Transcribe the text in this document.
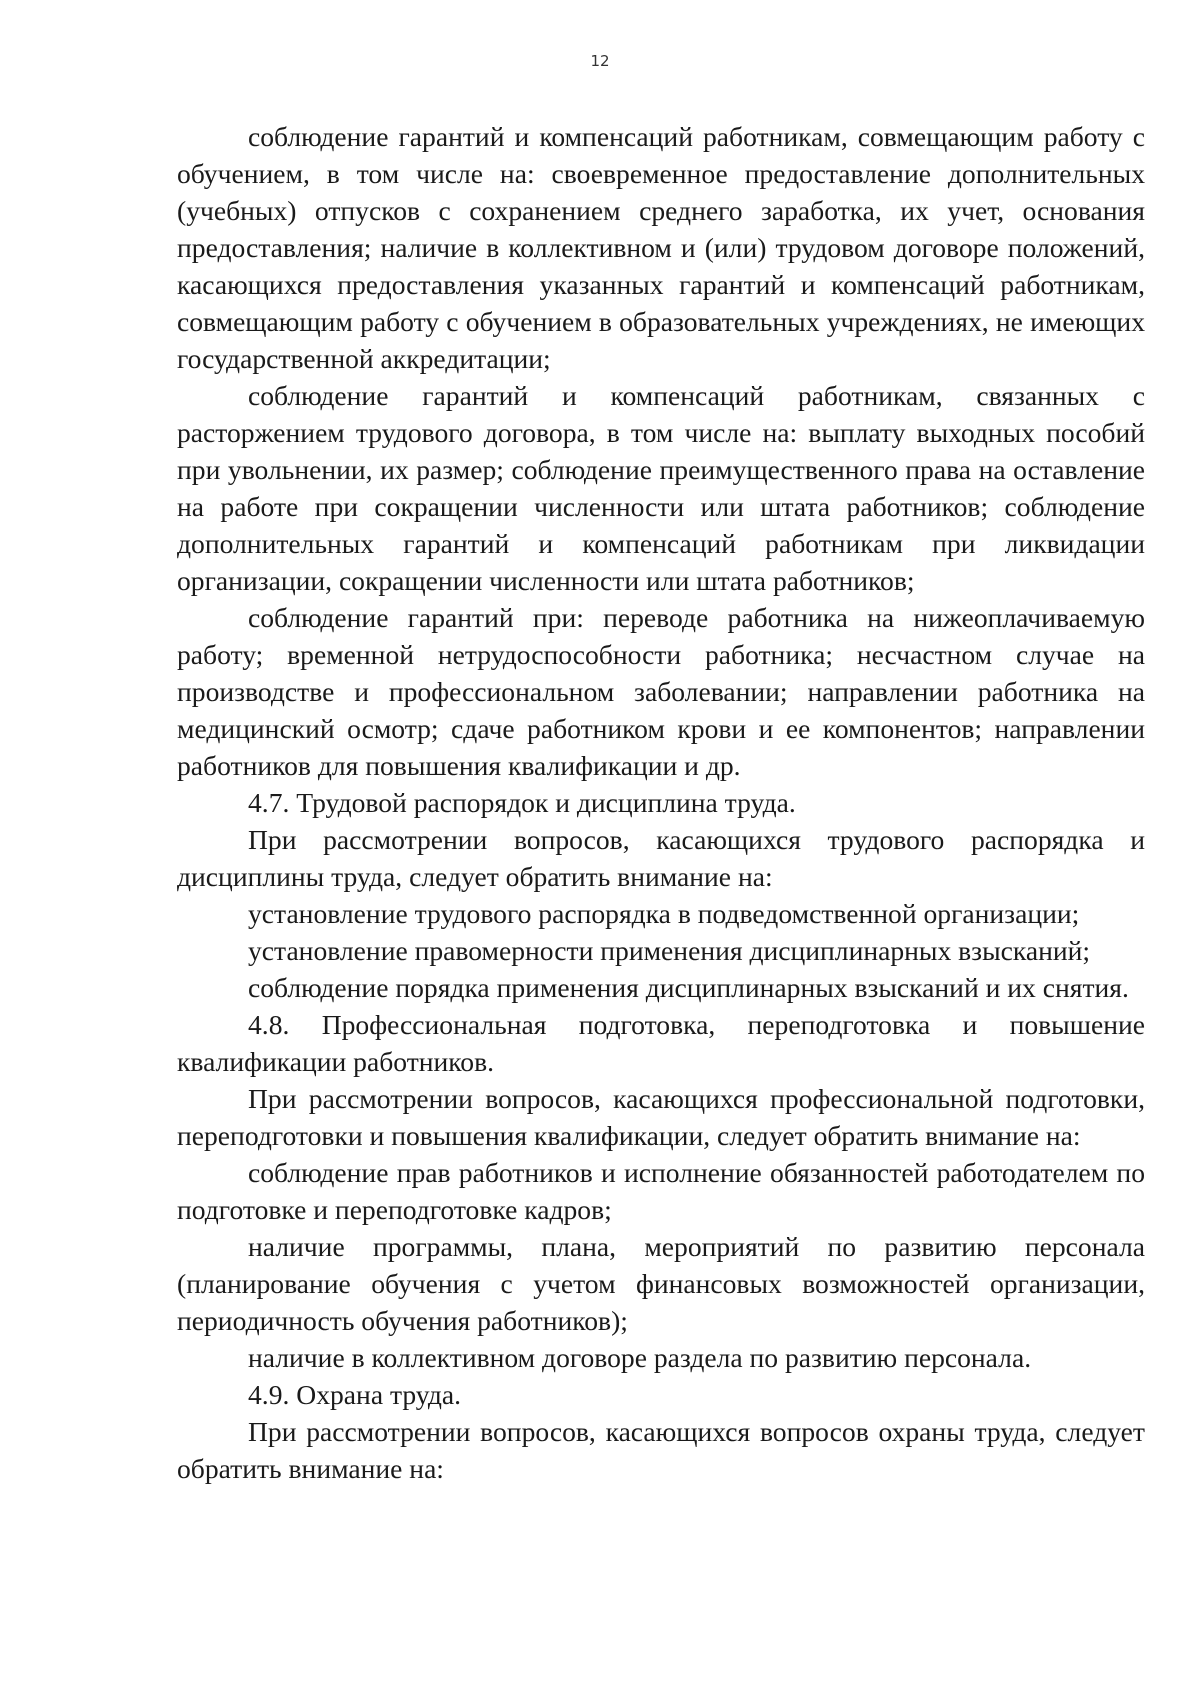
12

соблюдение гарантий и компенсаций работникам, совмещающим работу с обучением, в том числе на: своевременное предоставление дополнительных (учебных) отпусков с сохранением среднего заработка, их учет, основания предоставления; наличие в коллективном и (или) трудовом договоре положений, касающихся предоставления указанных гарантий и компенсаций работникам, совмещающим работу с обучением в образовательных учреждениях, не имеющих государственной аккредитации;

соблюдение гарантий и компенсаций работникам, связанных с расторжением трудового договора, в том числе на: выплату выходных пособий при увольнении, их размер; соблюдение преимущественного права на оставление на работе при сокращении численности или штата работников; соблюдение дополнительных гарантий и компенсаций работникам при ликвидации организации, сокращении численности или штата работников;

соблюдение гарантий при: переводе работника на нижеоплачиваемую работу; временной нетрудоспособности работника; несчастном случае на производстве и профессиональном заболевании; направлении работника на медицинский осмотр; сдаче работником крови и ее компонентов; направлении работников для повышения квалификации и др.

4.7. Трудовой распорядок и дисциплина труда.

При рассмотрении вопросов, касающихся трудового распорядка и дисциплины труда, следует обратить внимание на:

установление трудового распорядка в подведомственной организации;

установление правомерности применения дисциплинарных взысканий;

соблюдение порядка применения дисциплинарных взысканий и их снятия.

4.8. Профессиональная подготовка, переподготовка и повышение квалификации работников.

При рассмотрении вопросов, касающихся профессиональной подготовки, переподготовки и повышения квалификации, следует обратить внимание на:

соблюдение прав работников и исполнение обязанностей работодателем по подготовке и переподготовке кадров;

наличие программы, плана, мероприятий по развитию персонала (планирование обучения с учетом финансовых возможностей организации, периодичность обучения работников);

наличие в коллективном договоре раздела по развитию персонала.

4.9. Охрана труда.

При рассмотрении вопросов, касающихся вопросов охраны труда, следует обратить внимание на:
